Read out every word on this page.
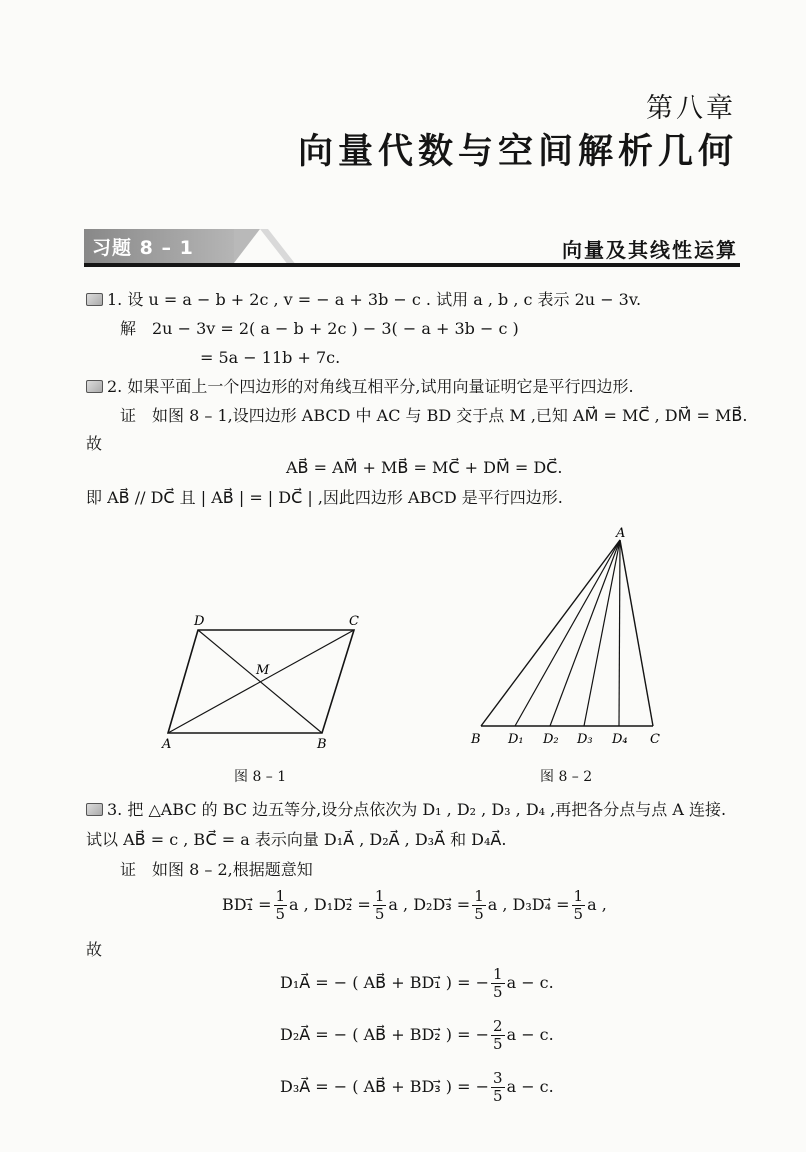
第八章
向量代数与空间解析几何
习题 8 – 1	向量及其线性运算
1. 设 u = a − b + 2c , v = − a + 3b − c . 试用 a , b , c 表示 2u − 3v.
解　2u − 3v = 2( a − b + 2c ) − 3( − a + 3b − c )
= 5a − 11b + 7c.
2. 如果平面上一个四边形的对角线互相平分,试用向量证明它是平行四边形.
证　如图 8 – 1,设四边形 ABCD 中 AC 与 BD 交于点 M ,已知 AM⃗ = MC⃗ , DM⃗ = MB⃗.
故
AB⃗ = AM⃗ + MB⃗ = MC⃗ + DM⃗ = DC⃗.
即 AB⃗ // DC⃗ 且 | AB⃗ | = | DC⃗ | ,因此四边形 ABCD 是平行四边形.
D	C
A	B
M
图 8 – 1
A
B D₁ D₂ D₃ D₄ C
图 8 – 2
3. 把 △ABC 的 BC 边五等分,设分点依次为 D₁ , D₂ , D₃ , D₄ ,再把各分点与点 A 连接.
试以 AB⃗ = c , BC⃗ = a 表示向量 D₁A⃗ , D₂A⃗ , D₃A⃗ 和 D₄A⃗.
证　如图 8 – 2,根据题意知
BD₁⃗ = $\frac{1}{5}$ a , D₁D₂⃗ = $\frac{1}{5}$ a , D₂D₃⃗ = $\frac{1}{5}$ a , D₃D₄⃗ = $\frac{1}{5}$ a ,
故
D₁A⃗ = − ( AB⃗ + BD₁⃗ ) = − $\frac{1}{5}$ a − c.
D₂A⃗ = − ( AB⃗ + BD₂⃗ ) = − $\frac{2}{5}$ a − c.
D₃A⃗ = − ( AB⃗ + BD₃⃗ ) = − $\frac{3}{5}$ a − c.
